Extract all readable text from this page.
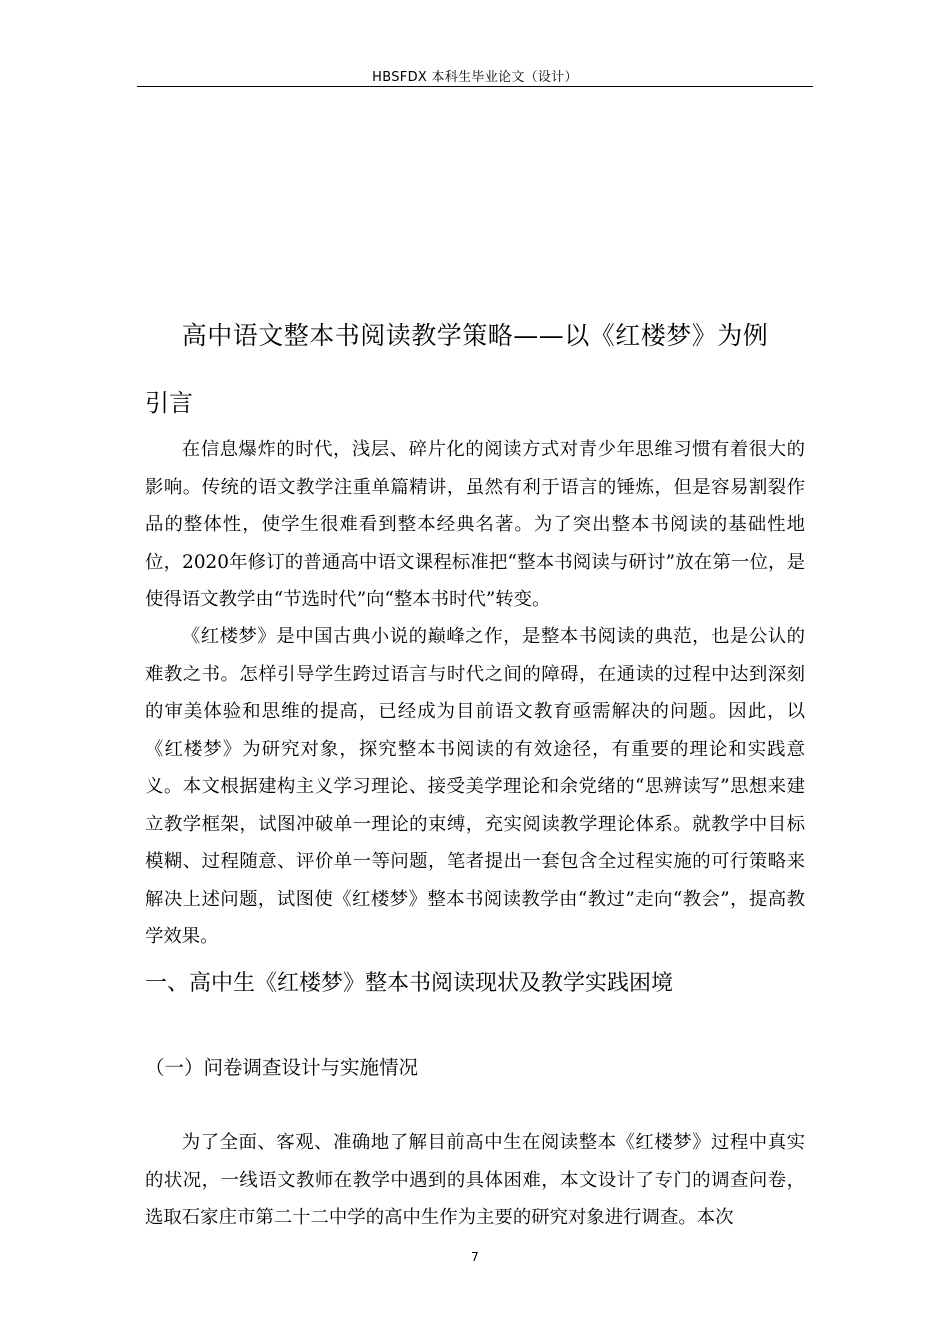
HBSFDX 本科生毕业论文（设计）
高中语文整本书阅读教学策略——以《红楼梦》为例
引言

在信息爆炸的时代，浅层、碎片化的阅读方式对青少年思维习惯有着很大的影响。传统的语文教学注重单篇精讲，虽然有利于语言的锤炼，但是容易割裂作品的整体性，使学生很难看到整本经典名著。为了突出整本书阅读的基础性地位，2020年修订的普通高中语文课程标准把“整本书阅读与研讨”放在第一位，是使得语文教学由“节选时代”向“整本书时代”转变。

《红楼梦》是中国古典小说的巅峰之作，是整本书阅读的典范，也是公认的难教之书。怎样引导学生跨过语言与时代之间的障碍，在通读的过程中达到深刻的审美体验和思维的提高，已经成为目前语文教育亟需解决的问题。因此，以《红楼梦》为研究对象，探究整本书阅读的有效途径，有重要的理论和实践意义。本文根据建构主义学习理论、接受美学理论和余党绪的“思辨读写”思想来建立教学框架，试图冲破单一理论的束缚，充实阅读教学理论体系。就教学中目标模糊、过程随意、评价单一等问题，笔者提出一套包含全过程实施的可行策略来解决上述问题，试图使《红楼梦》整本书阅读教学由“教过”走向“教会”，提高教学效果。

一、高中生《红楼梦》整本书阅读现状及教学实践困境
（一）问卷调查设计与实施情况

为了全面、客观、准确地了解目前高中生在阅读整本《红楼梦》过程中真实的状况，一线语文教师在教学中遇到的具体困难，本文设计了专门的调查问卷，选取石家庄市第二十二中学的高中生作为主要的研究对象进行调查。本次

7
